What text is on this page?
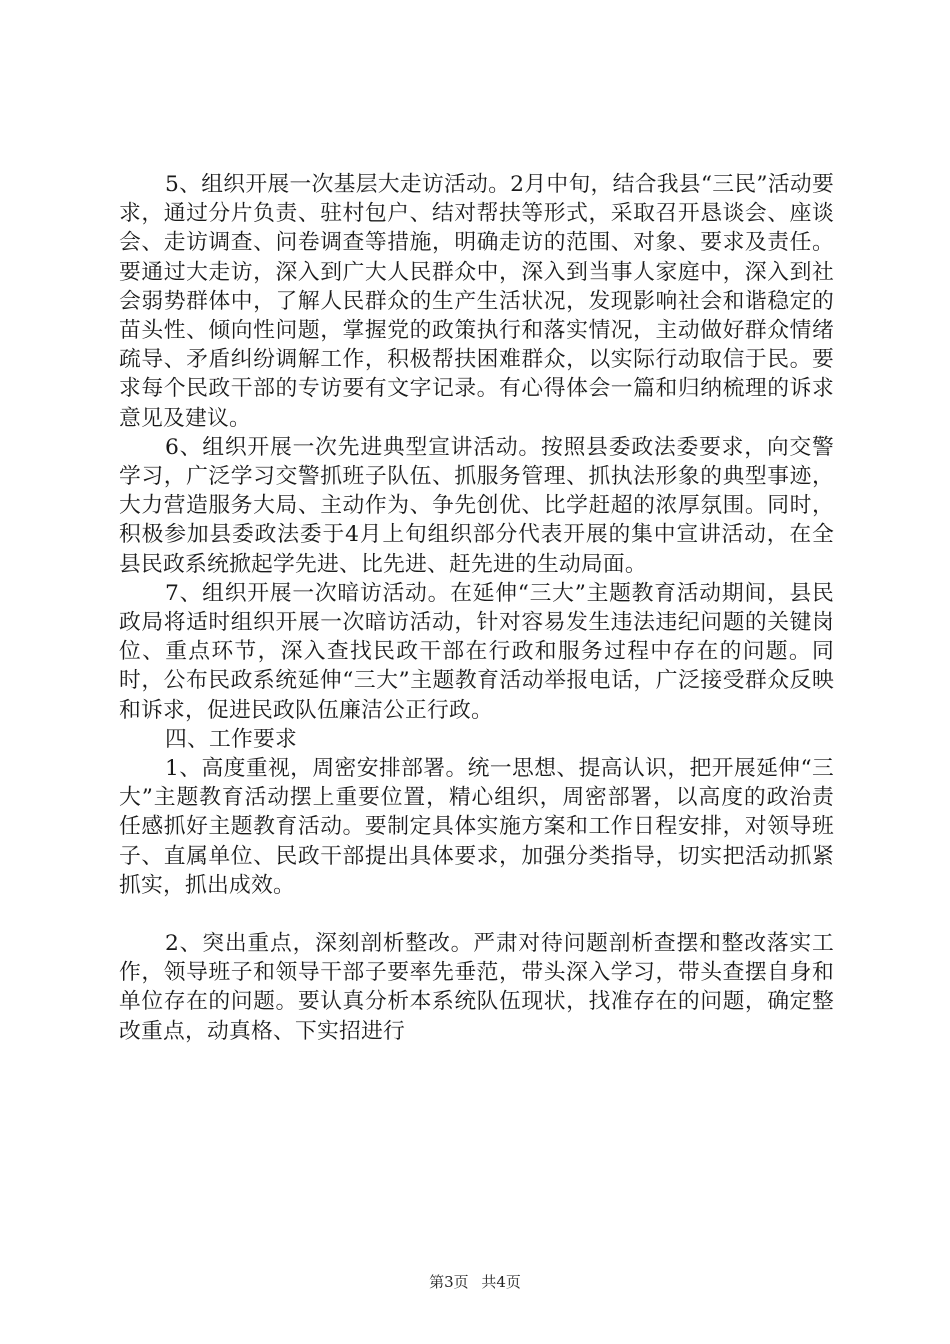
5、组织开展一次基层大走访活动。2月中旬，结合我县“三民”活动要求，通过分片负责、驻村包户、结对帮扶等形式，采取召开恳谈会、座谈会、走访调查、问卷调查等措施，明确走访的范围、对象、要求及责任。要通过大走访，深入到广大人民群众中，深入到当事人家庭中，深入到社会弱势群体中，了解人民群众的生产生活状况，发现影响社会和谐稳定的苗头性、倾向性问题，掌握党的政策执行和落实情况，主动做好群众情绪疏导、矛盾纠纷调解工作，积极帮扶困难群众，以实际行动取信于民。要求每个民政干部的专访要有文字记录。有心得体会一篇和归纳梳理的诉求意见及建议。

6、组织开展一次先进典型宣讲活动。按照县委政法委要求，向交警学习，广泛学习交警抓班子队伍、抓服务管理、抓执法形象的典型事迹，大力营造服务大局、主动作为、争先创优、比学赶超的浓厚氛围。同时，积极参加县委政法委于4月上旬组织部分代表开展的集中宣讲活动，在全县民政系统掀起学先进、比先进、赶先进的生动局面。

7、组织开展一次暗访活动。在延伸“三大”主题教育活动期间，县民政局将适时组织开展一次暗访活动，针对容易发生违法违纪问题的关键岗位、重点环节，深入查找民政干部在行政和服务过程中存在的问题。同时，公布民政系统延伸“三大”主题教育活动举报电话，广泛接受群众反映和诉求，促进民政队伍廉洁公正行政。

四、工作要求

1、高度重视，周密安排部署。统一思想、提高认识，把开展延伸“三大”主题教育活动摆上重要位置，精心组织，周密部署，以高度的政治责任感抓好主题教育活动。要制定具体实施方案和工作日程安排，对领导班子、直属单位、民政干部提出具体要求，加强分类指导，切实把活动抓紧抓实，抓出成效。

2、突出重点，深刻剖析整改。严肃对待问题剖析查摆和整改落实工作，领导班子和领导干部子要率先垂范，带头深入学习，带头查摆自身和单位存在的问题。要认真分析本系统队伍现状，找准存在的问题，确定整改重点，动真格、下实招进行

第3页 共4页
